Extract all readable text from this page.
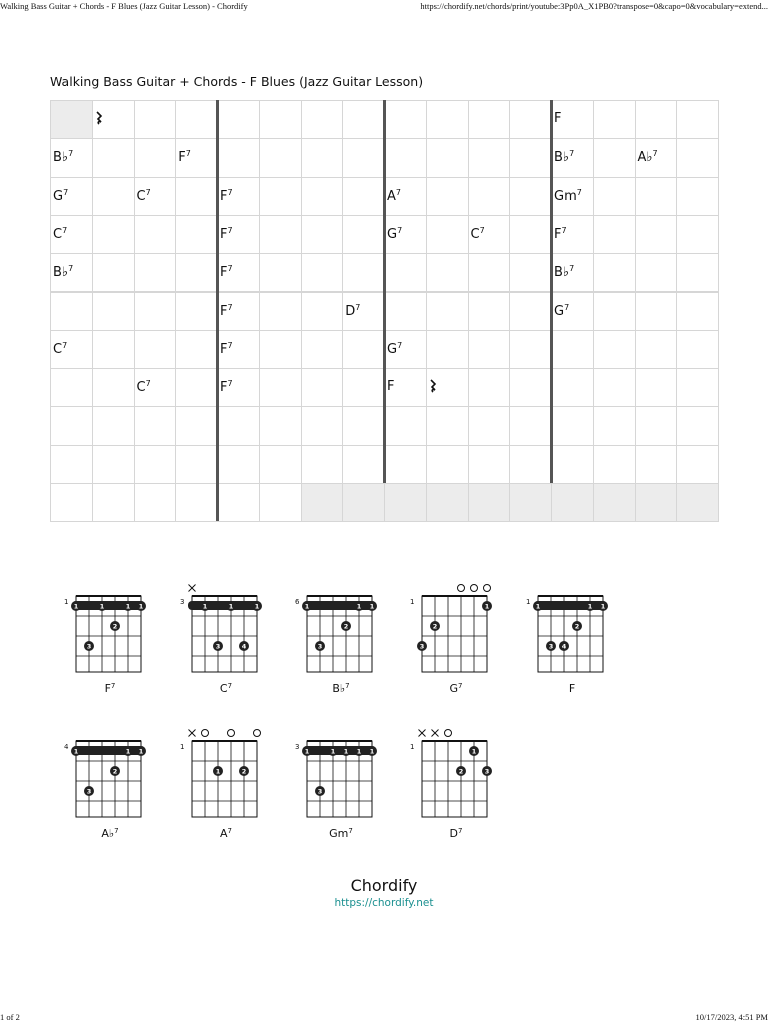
Walking Bass Guitar + Chords - F Blues (Jazz Guitar Lesson) - Chordify	https://chordify.net/chords/print/youtube:3Pp0A_X1PB0?transpose=0&capo=0&vocabulary=extend...
Walking Bass Guitar + Chords - F Blues (Jazz Guitar Lesson)
F
B♭$^7$	$F^7$	B♭$^7$	A♭$^7$
$G^7$	$C^7$	$F^7$	$A^7$	Gm$^7$
$C^7$	$F^7$	$G^7$	$C^7$	$F^7$
B♭$^7$	$F^7$	B♭$^7$
$F^7$	$D^7$	$G^7$
$C^7$	$F^7$	$G^7$
$C^7$	$F^7$	F
1
1	1	1 1
3
2
$F^7$
3
1	1	1
3	4
$C^7$
6
1	1 1
3
2
B♭$^7$
1
3
2
1
$G^7$
1
1	1 1
3 4
2
F
4
1	1 1
3
2
A♭$^7$
1
1	2
$A^7$
3
1	1 1 1 1
3
Gm$^7$
1
2
1
3
$D^7$
Chordify
https://chordify.net
1 of 2	10/17/2023, 4:51 PM
